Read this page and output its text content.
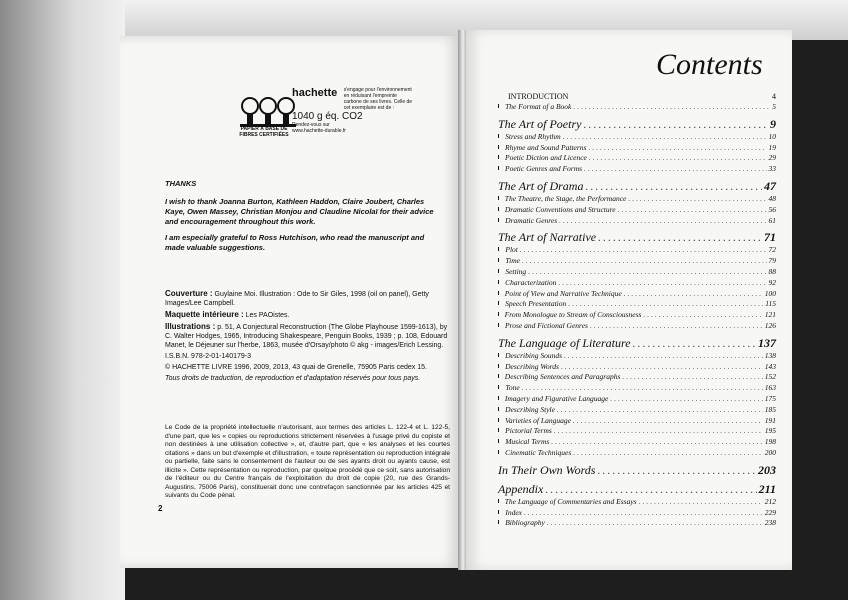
PAPIER À BASE DE FIBRES CERTIFIÉES
hachette s'engage pour l'environnement en réduisant l'empreinte carbone de ses livres. Celle de cet exemplaire est de :
1040 g éq. CO2
Rendez-vous sur
www.hachette-durable.fr
THANKS
I wish to thank Joanna Burton, Kathleen Haddon, Claire Joubert, Charles Kaye, Owen Massey, Christian Monjou and Claudine Nicolaï for their advice and encouragement throughout this work.
I am especially grateful to Ross Hutchison, who read the manuscript and made valuable suggestions.

Couverture : Guylaine Moi. Illustration : Ode to Sir Giles, 1998 (oil on panel), Getty Images/Lee Campbell.

Maquette intérieure : Les PAOistes.

Illustrations : p. 51, A Conjectural Reconstruction (The Globe Playhouse 1599-1613), by C. Walter Hodges, 1965, Introducing Shakespeare, Penguin Books, 1939 ; p. 108, Edouard Manet, le Déjeuner sur l'herbe, 1863, musée d'Orsay/photo © akg - images/Erich Lessing.

I.S.B.N. 978-2-01-140179-3

© HACHETTE LIVRE 1996, 2009, 2013, 43 quai de Grenelle, 75905 Paris cedex 15.

Tous droits de traduction, de reproduction et d'adaptation réservés pour tous pays.

Le Code de la propriété intellectuelle n'autorisant, aux termes des articles L. 122-4 et L. 122-5, d'une part, que les « copies ou reproductions strictement réservées à l'usage privé du copiste et non destinées à une utilisation collective », et, d'autre part, que « les analyses et les courtes citations » dans un but d'exemple et d'illustration, « toute représentation ou reproduction intégrale ou partielle, faite sans le consentement de l'auteur ou de ses ayants droit ou ayants cause, est illicite ». Cette représentation ou reproduction, par quelque procédé que ce soit, sans autorisation de l'éditeur ou du Centre français de l'exploitation du droit de copie (20, rue des Grands-Augustins, 75006 Paris), constituerait donc une contrefaçon sanctionnée par les articles 425 et suivants du Code pénal.
2
Contents
INTRODUCTION	4
The Format of a Book .....	5
The Art of Poetry .....	9
Stress and Rhythm .....	10
Rhyme and Sound Patterns .....	19
Poetic Diction and Licence .....	29
Poetic Genres and Forms .....	33
The Art of Drama .....	47
The Theatre, the Stage, the Performance .....	48
Dramatic Conventions and Structure .....	56
Dramatic Genres .....	61
The Art of Narrative .....	71
Plot .....	72
Time .....	79
Setting .....	88
Characterization .....	92
Point of View and Narrative Technique .....	100
Speech Presentation .....	115
From Monologue to Stream of Consciousness .....	121
Prose and Fictional Genres .....	126
The Language of Literature .....	137
Describing Sounds .....	138
Describing Words .....	143
Describing Sentences and Paragraphs .....	152
Tone .....	163
Imagery and Figurative Language .....	175
Describing Style .....	185
Varieties of Language .....	191
Pictorial Terms .....	195
Musical Terms .....	198
Cinematic Techniques .....	200
In Their Own Words .....	203
Appendix .....	211
The Language of Commentaries and Essays .....	212
Index .....	229
Bibliography .....	238
